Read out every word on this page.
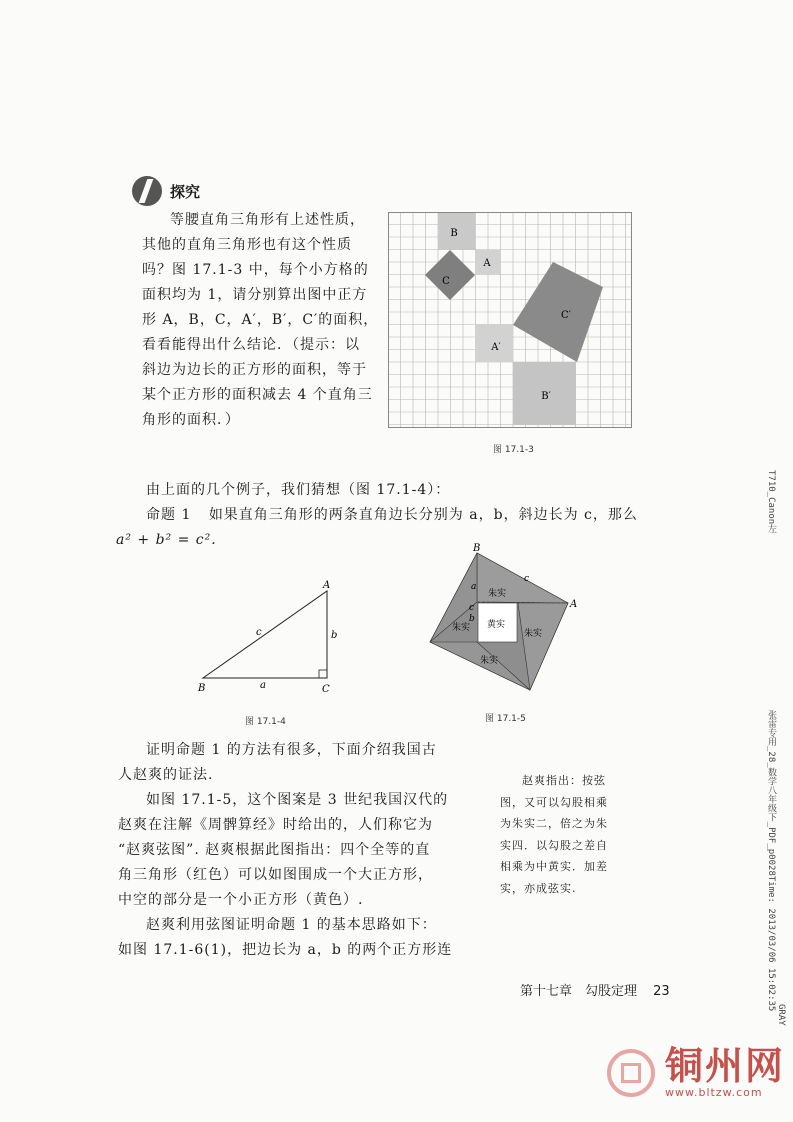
探究
等腰直角三角形有上述性质，
其他的直角三角形也有这个性质
吗？图 17.1-3 中，每个小方格的
面积均为 1，请分别算出图中正方
形 A，B，C，A′，B′，C′的面积，
看看能得出什么结论．（提示：以
斜边为边长的正方形的面积，等于
某个正方形的面积减去 4 个直角三
角形的面积．）
B
A
C
C′
A′
B′
图 17.1-3
由上面的几个例子，我们猜想（图 17.1-4）：
命题 1 如果直角三角形的两条直角边长分别为 a，b，斜边长为 c，那么
a² + b² = c².
A
B	C
a
b
c
图 17.1-4
B
A
c
a
c
b
朱实
朱实
朱实
朱实 黄实
图 17.1-5
证明命题 1 的方法有很多，下面介绍我国古
人赵爽的证法.
如图 17.1-5，这个图案是 3 世纪我国汉代的
赵爽在注解《周髀算经》时给出的，人们称它为
“赵爽弦图”. 赵爽根据此图指出：四个全等的直
角三角形（红色）可以如图围成一个大正方形，
中空的部分是一个小正方形（黄色）.
赵爽利用弦图证明命题 1 的基本思路如下：
如图 17.1-6(1)，把边长为 a，b 的两个正方形连
赵爽指出：按弦
图，又可以勾股相乘
为朱实二，倍之为朱
实四．以勾股之差自
相乘为中黄实．加差
实，亦成弦实.
第十七章　勾股定理 23
T710_Canon左
张雷专用_28_数学八年级下_PDF_p0028Time: 2013/03/06 15:02:35
GRAY
铜州网
www.bltzw.com
